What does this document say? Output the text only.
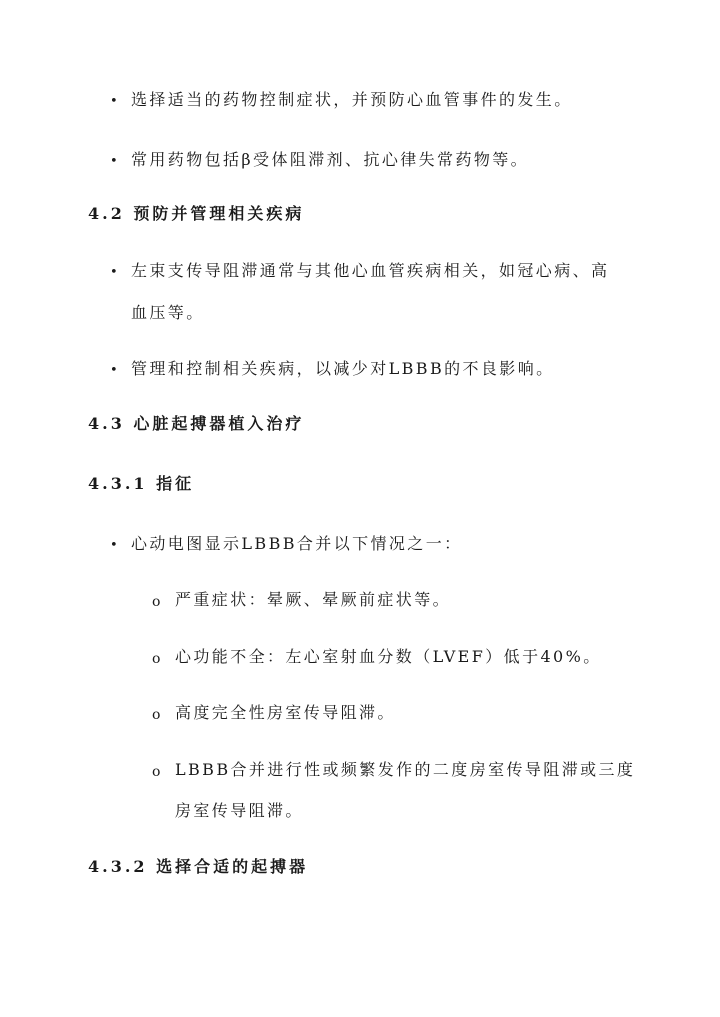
• 选择适当的药物控制症状，并预防心血管事件的发生。
• 常用药物包括β受体阻滞剂、抗心律失常药物等。
4.2 预防并管理相关疾病
• 左束支传导阻滞通常与其他心血管疾病相关，如冠心病、高
血压等。
• 管理和控制相关疾病，以减少对LBBB的不良影响。
4.3 心脏起搏器植入治疗
4.3.1 指征
• 心动电图显示LBBB合并以下情况之一：
o 严重症状：晕厥、晕厥前症状等。
o 心功能不全：左心室射血分数（LVEF）低于40%。
o 高度完全性房室传导阻滞。
o LBBB合并进行性或频繁发作的二度房室传导阻滞或三度
房室传导阻滞。
4.3.2 选择合适的起搏器
